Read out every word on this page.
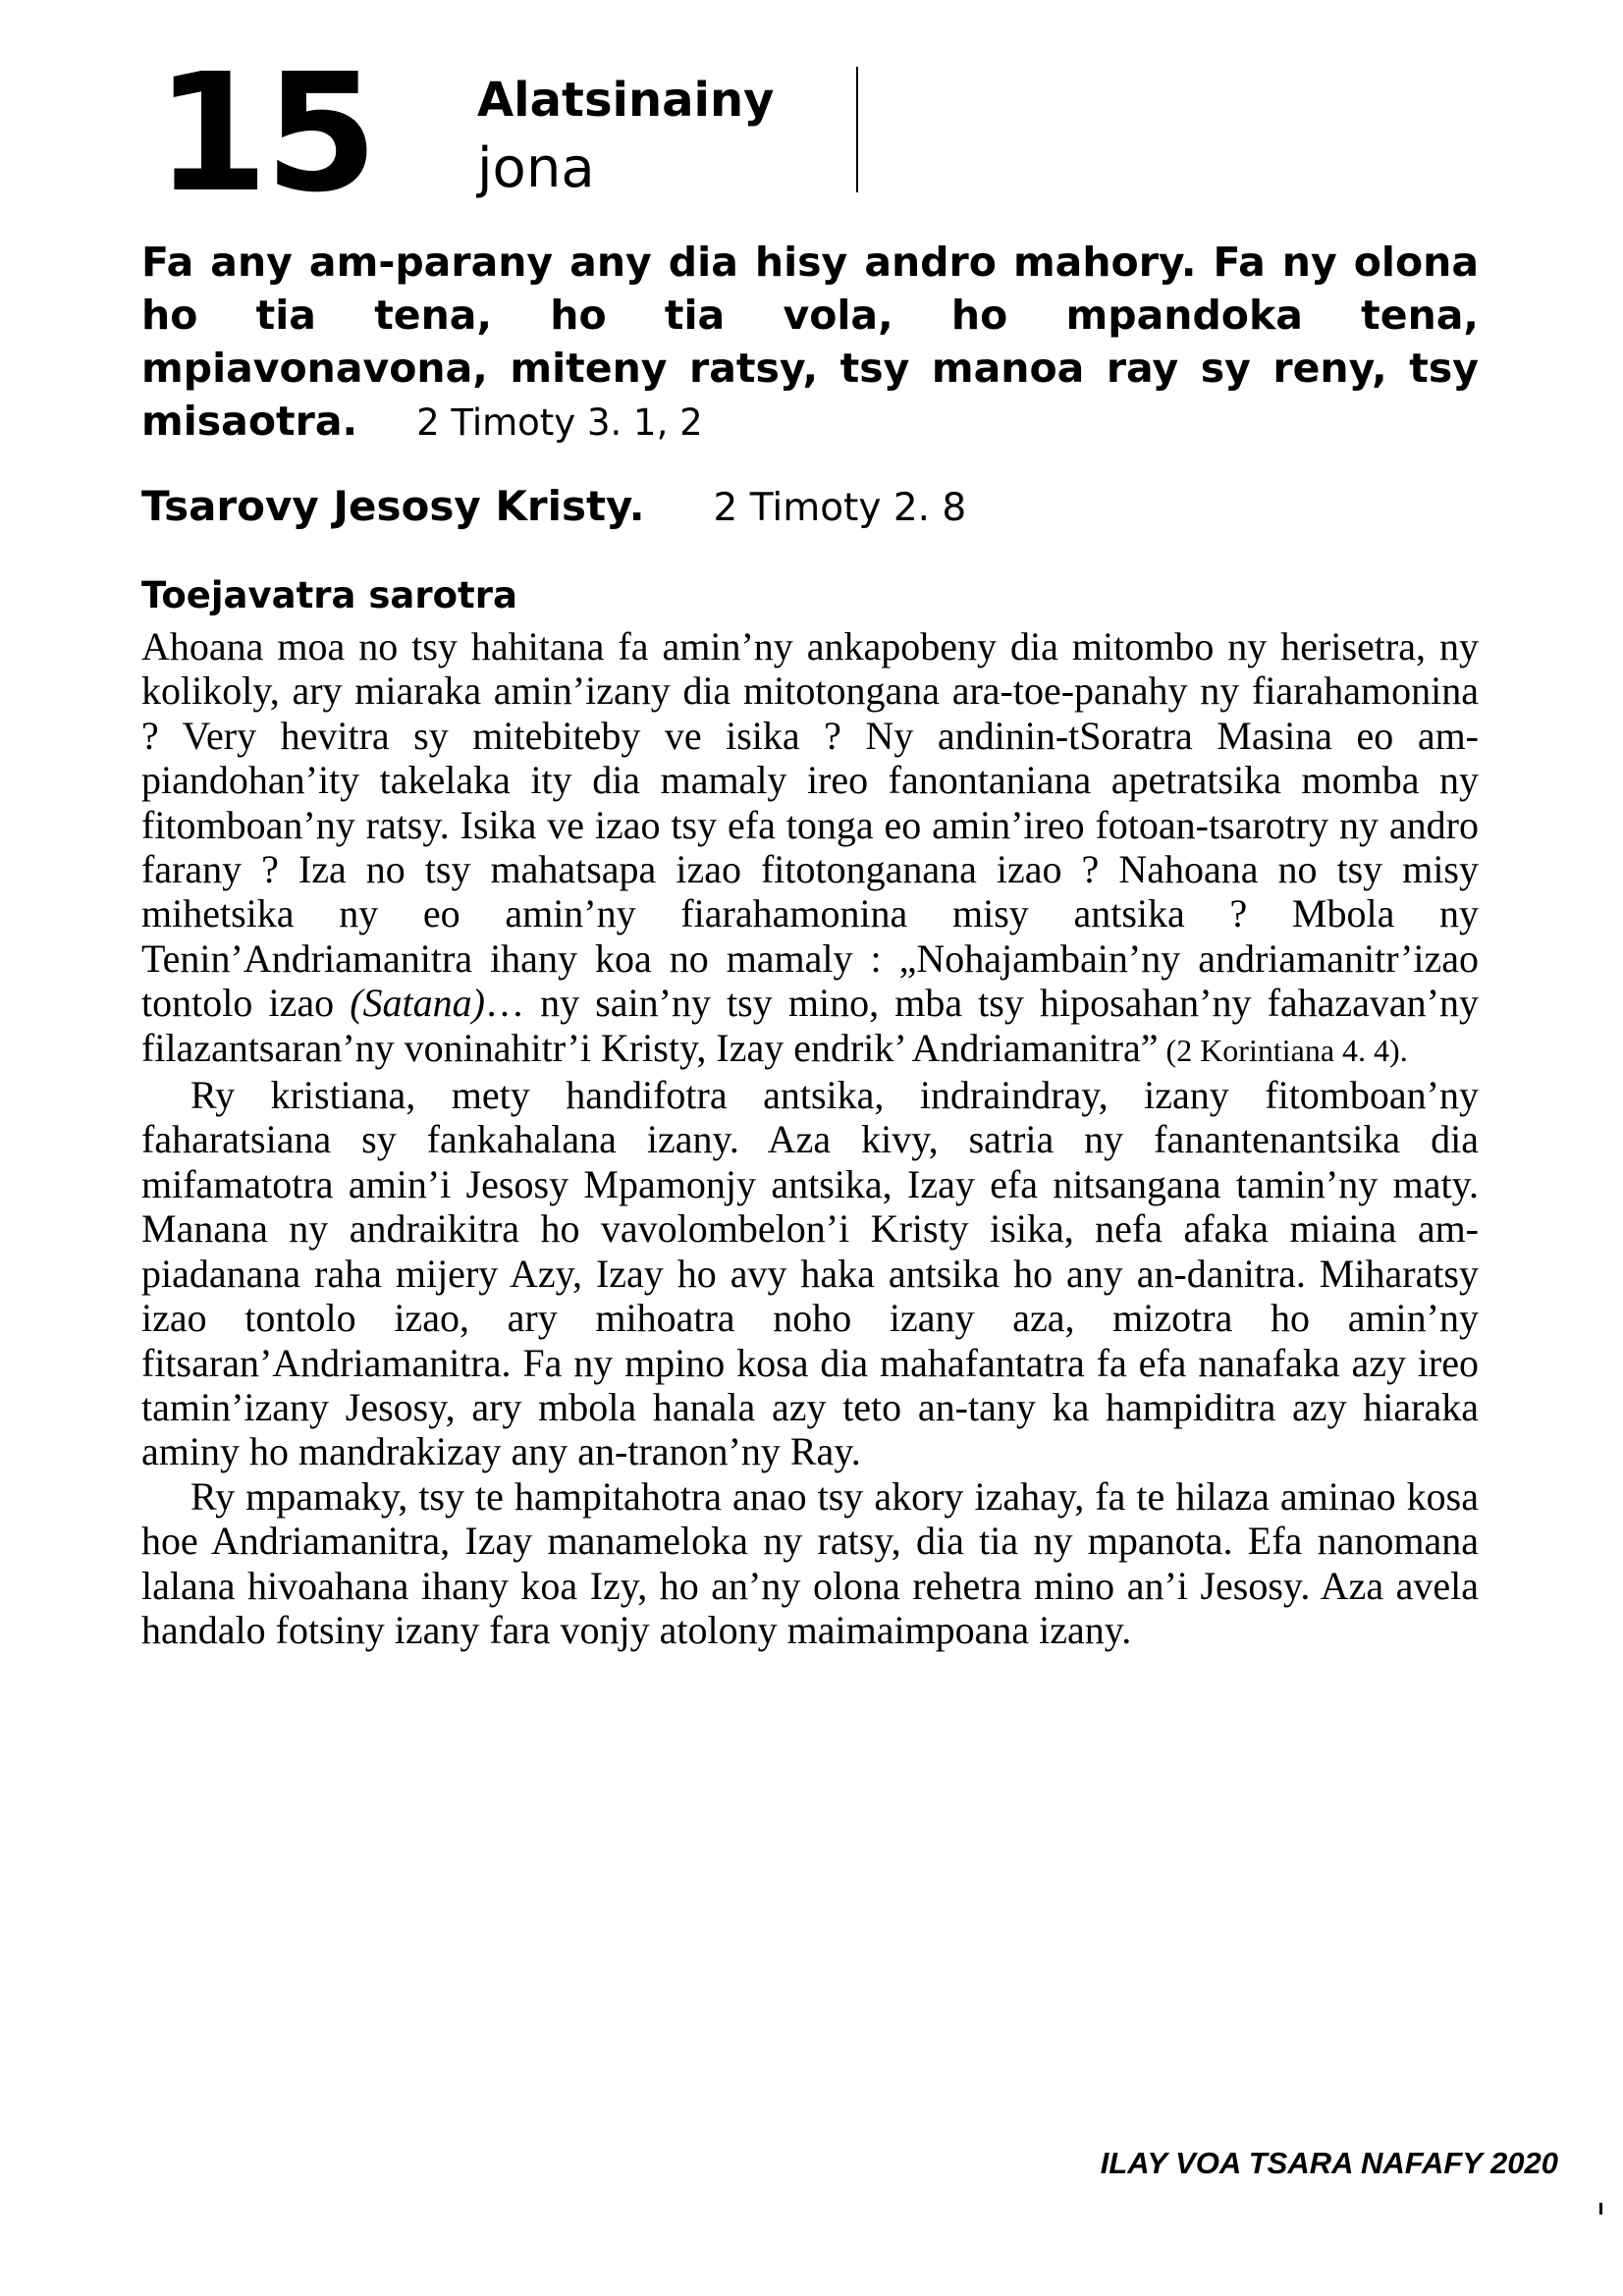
15 Alatsinainy
jona
Fa any am-parany any dia hisy andro mahory. Fa ny olona ho tia tena, ho tia vola, ho mpandoka tena, mpiavonavona, miteny ratsy, tsy manoa ray sy reny, tsy misaotra. 2 Timoty 3. 1, 2
Tsarovy Jesosy Kristy. 2 Timoty 2. 8
Toejavatra sarotra

Ahoana moa no tsy hahitana fa amin’ny ankapobeny dia mitombo ny herisetra, ny kolikoly, ary miaraka amin’izany dia mitotongana ara-toe-panahy ny fiarahamonina ? Very hevitra sy mitebiteby ve isika ? Ny andinin-tSoratra Masina eo am-piandohan’ity takelaka ity dia mamaly ireo fanontaniana apetratsika momba ny fitomboan’ny ratsy. Isika ve izao tsy efa tonga eo amin’ireo fotoan-tsarotry ny andro farany ? Iza no tsy mahatsapa izao fitotonganana izao ? Nahoana no tsy misy mihetsika ny eo amin’ny fiarahamonina misy antsika ? Mbola ny Tenin’Andriamanitra ihany koa no mamaly : „Nohajambain’ny andriamanitr’izao tontolo izao (Satana)… ny sain’ny tsy mino, mba tsy hiposahan’ny fahazavan’ny filazantsaran’ny voninahitr’i Kristy, Izay endrik’ Andriamanitra” (2 Korintiana 4. 4).

Ry kristiana, mety handifotra antsika, indraindray, izany fitomboan’ny faharatsiana sy fankahalana izany. Aza kivy, satria ny fanantenantsika dia mifamatotra amin’i Jesosy Mpamonjy antsika, Izay efa nitsangana tamin’ny maty. Manana ny andraikitra ho vavolombelon’i Kristy isika, nefa afaka miaina am-piadanana raha mijery Azy, Izay ho avy haka antsika ho any an-danitra. Miharatsy izao tontolo izao, ary mihoatra noho izany aza, mizotra ho amin’ny fitsaran’Andriamanitra. Fa ny mpino kosa dia mahafantatra fa efa nanafaka azy ireo tamin’izany Jesosy, ary mbola hanala azy teto an-tany ka hampiditra azy hiaraka aminy ho mandrakizay any an-tranon’ny Ray.

Ry mpamaky, tsy te hampitahotra anao tsy akory izahay, fa te hilaza aminao kosa hoe Andriamanitra, Izay manameloka ny ratsy, dia tia ny mpanota. Efa nanomana lalana hivoahana ihany koa Izy, ho an’ny olona rehetra mino an’i Jesosy. Aza avela handalo fotsiny izany fara vonjy atolony maimaimpoana izany.

ILAY VOA TSARA NAFAFY 2020
